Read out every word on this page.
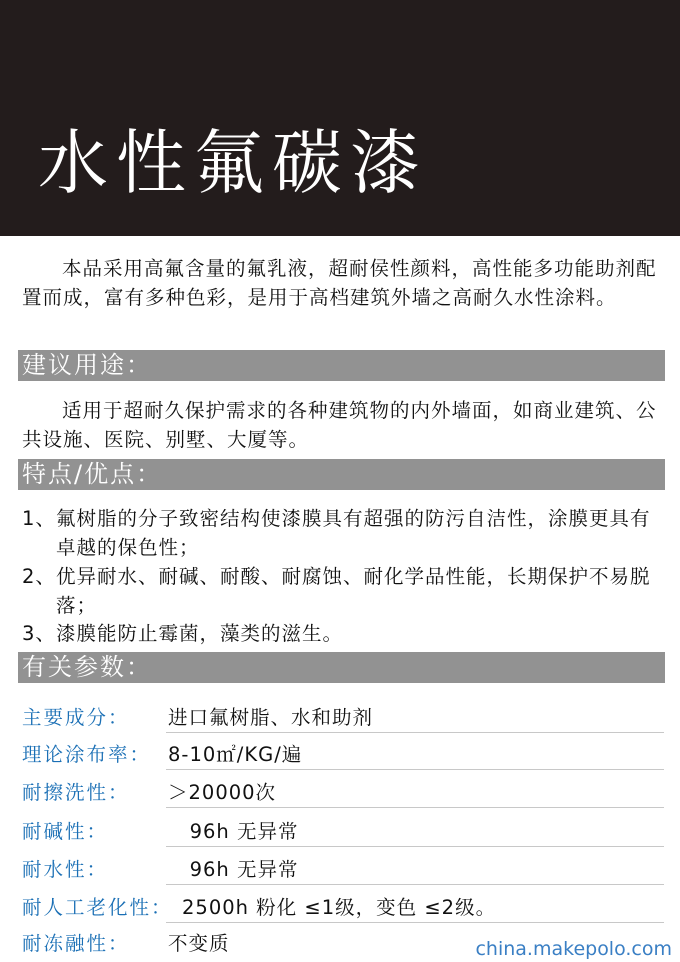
水性氟碳漆
本品采用高氟含量的氟乳液，超耐侯性颜料，高性能多功能助剂配置而成，富有多种色彩，是用于高档建筑外墙之高耐久水性涂料。
建议用途：
适用于超耐久保护需求的各种建筑物的内外墙面，如商业建筑、公共设施、医院、别墅、大厦等。
特点/优点：
1、 氟树脂的分子致密结构使漆膜具有超强的防污自洁性，涂膜更具有卓越的保色性；
2、 优异耐水、耐碱、耐酸、耐腐蚀、耐化学品性能，长期保护不易脱落；
3、 漆膜能防止霉菌，藻类的滋生。
有关参数：
主要成分： 进口氟树脂、水和助剂
理论涂布率： 8-10㎡/KG/遍
耐擦洗性： ＞20000次
耐碱性：	96h 无异常
耐水性：	96h 无异常
耐人工老化性： 2500h 粉化 ≤1级，变色 ≤2级。
耐冻融性： 不变质	china.makepolo.com
